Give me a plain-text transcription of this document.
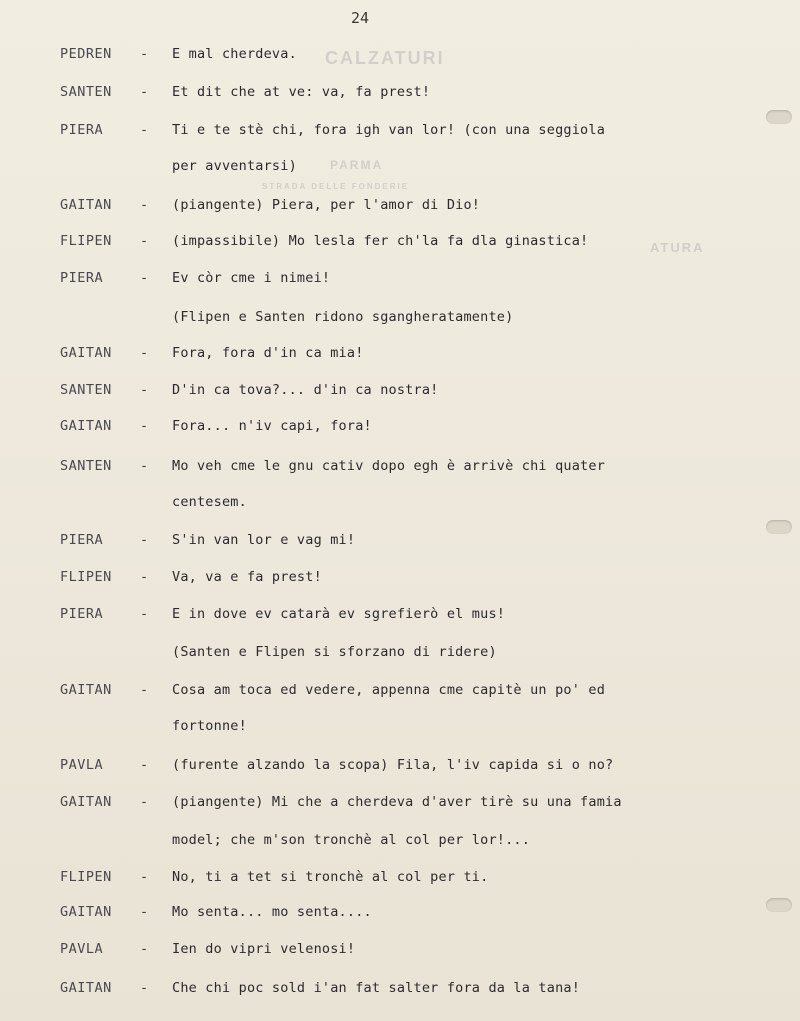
CALZATURI
PARMA
STRADA DELLE FONDERIE
ATURA
24
PEDREN - E mal cherdeva.
SANTEN - Et dit che at ve: va, fa prest!
PIERA	- Ti e te stè chi, fora igh van lor! (con una seggiola
per avventarsi)
GAITAN - (piangente) Piera, per l'amor di Dio!
FLIPEN - (impassibile) Mo lesla fer ch'la fa dla ginastica!
PIERA	- Ev còr cme i nimei!
(Flipen e Santen ridono sgangheratamente)
GAITAN - Fora, fora d'in ca mia!
SANTEN - D'in ca tova?... d'in ca nostra!
GAITAN - Fora... n'iv capi, fora!
SANTEN - Mo veh cme le gnu cativ dopo egh è arrivè chi quater
centesem.
PIERA	- S'in van lor e vag mi!
FLIPEN - Va, va e fa prest!
PIERA	- E in dove ev catarà ev sgrefierò el mus!
(Santen e Flipen si sforzano di ridere)
GAITAN - Cosa am toca ed vedere, appenna cme capitè un po' ed
fortonne!
PAVLA	- (furente alzando la scopa) Fila, l'iv capida si o no?
GAITAN - (piangente) Mi che a cherdeva d'aver tirè su una famia
model; che m'son tronchè al col per lor!...
FLIPEN - No, ti a tet si tronchè al col per ti.
GAITAN - Mo senta... mo senta....
PAVLA	- Ien do vipri velenosi!
GAITAN - Che chi poc sold i'an fat salter fora da la tana!
